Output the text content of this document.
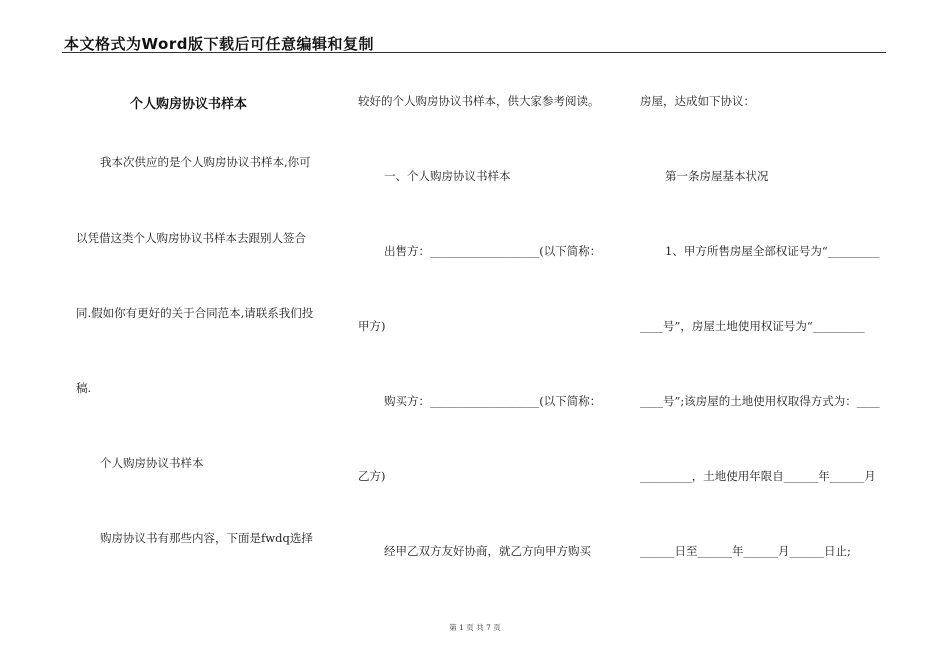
本文格式为Word版下载后可任意编辑和复制
个人购房协议书样本
我本次供应的是个人购房协议书样本,你可
以凭借这类个人购房协议书样本去跟别人签合
同.假如你有更好的关于合同范本,请联系我们投
稿.
个人购房协议书样本
购房协议书有那些内容，下面是fwdq选择
较好的个人购房协议书样本，供大家参考阅读。
一、个人购房协议书样本
出售方：___________________(以下简称：
甲方)
购买方：___________________(以下简称：
乙方)
经甲乙双方友好协商，就乙方向甲方购买
房屋，达成如下协议：
第一条房屋基本状况
1、甲方所售房屋全部权证号为“_________
____号”，房屋土地使用权证号为“_________
____号”;该房屋的土地使用权取得方式为：____
_________，土地使用年限自______年______月
______日至______年______月______日止;
第 1 页 共 7 页
